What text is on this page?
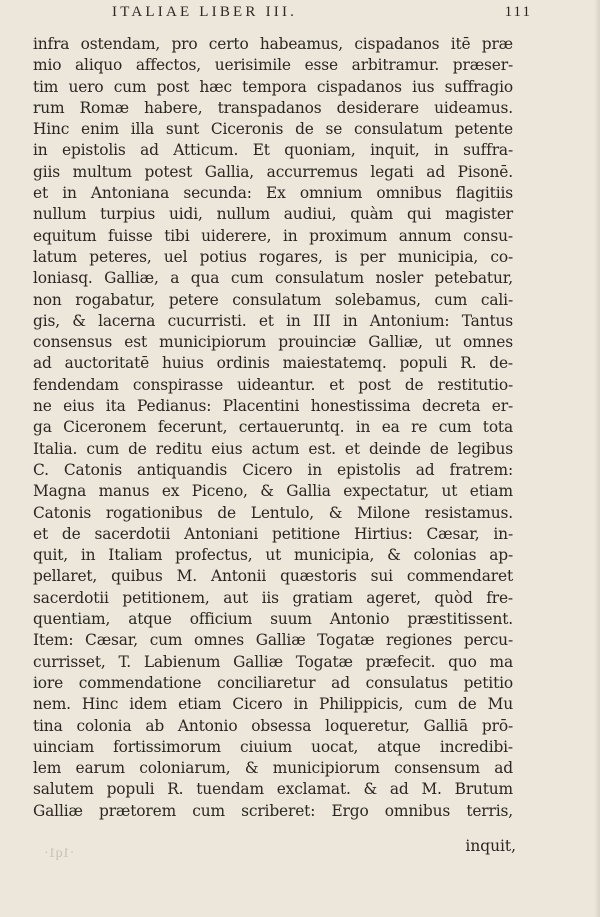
ITALIAE LIBER III.	111
infra ostendam, pro certo habeamus, cispadanos itē præ
mio aliquo affectos, uerisimile esse arbitramur. præser-
tim uero cum post hæc tempora cispadanos ius suffragio
rum Romæ habere, transpadanos desiderare uideamus.
Hinc enim illa sunt Ciceronis de se consulatum petente
in epistolis ad Atticum. Et quoniam, inquit, in suffra-
giis multum potest Gallia, accurremus legati ad Pisonē.
et in Antoniana secunda: Ex omnium omnibus flagitiis
nullum turpius uidi, nullum audiui, quàm qui magister
equitum fuisse tibi uiderere, in proximum annum consu-
latum peteres, uel potius rogares, is per municipia, co-
loniasq. Galliæ, a qua cum consulatum nosler petebatur,
non rogabatur, petere consulatum solebamus, cum cali-
gis, & lacerna cucurristi. et in III in Antonium: Tantus
consensus est municipiorum prouinciæ Galliæ, ut omnes
ad auctoritatē huius ordinis maiestatemq. populi R. de-
fendendam conspirasse uideantur. et post de restitutio-
ne eius ita Pedianus: Placentini honestissima decreta er-
ga Ciceronem fecerunt, certaueruntq. in ea re cum tota
Italia. cum de reditu eius actum est. et deinde de legibus
C. Catonis antiquandis Cicero in epistolis ad fratrem:
Magna manus ex Piceno, & Gallia expectatur, ut etiam
Catonis rogationibus de Lentulo, & Milone resistamus.
et de sacerdotii Antoniani petitione Hirtius: Cæsar, in-
quit, in Italiam profectus, ut municipia, & colonias ap-
pellaret, quibus M. Antonii quæstoris sui commendaret
sacerdotii petitionem, aut iis gratiam ageret, quòd fre-
quentiam, atque officium suum Antonio præstitissent.
Item: Cæsar, cum omnes Galliæ Togatæ regiones percu-
currisset, T. Labienum Galliæ Togatæ præfecit. quo ma
iore commendatione conciliaretur ad consulatus petitio
nem. Hinc idem etiam Cicero in Philippicis, cum de Mu
tina colonia ab Antonio obsessa loqueretur, Galliā prō-
uinciam fortissimorum ciuium uocat, atque incredibi-
lem earum coloniarum, & municipiorum consensum ad
salutem populi R. tuendam exclamat. & ad M. Brutum
Galliæ prætorem cum scriberet: Ergo omnibus terris,
inquit,
·1q1·
